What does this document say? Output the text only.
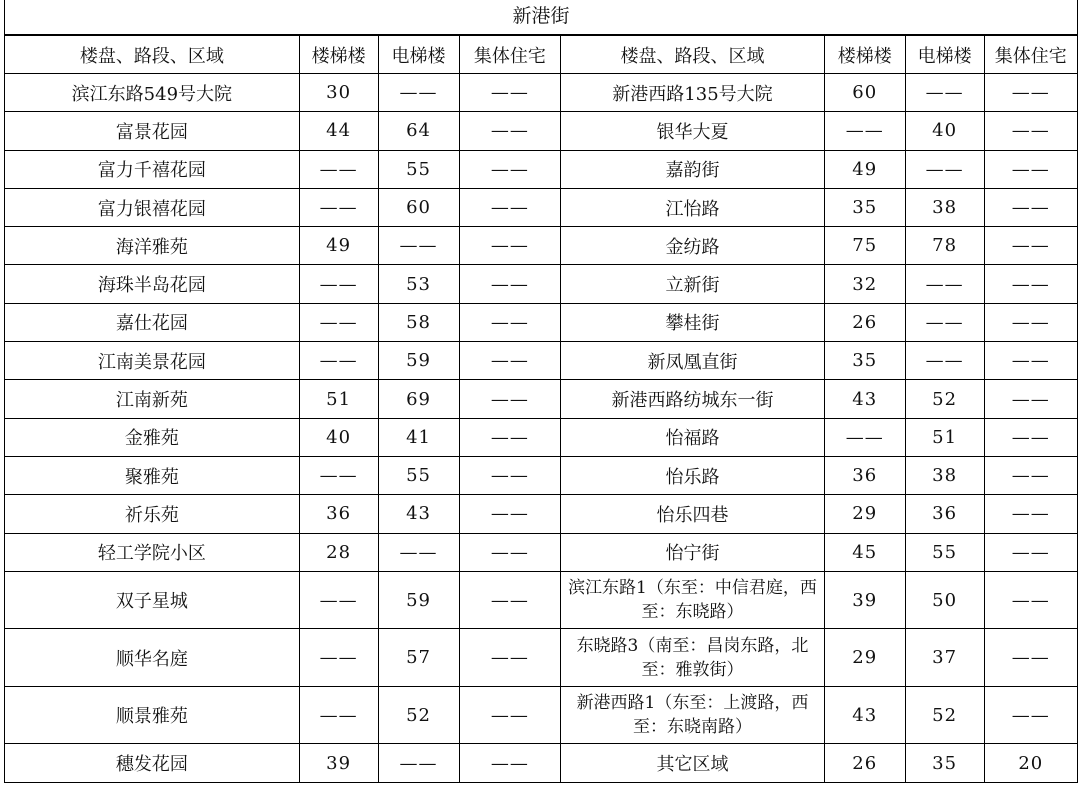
新港街
楼盘、路段、区域	楼梯楼	电梯楼	集体住宅	楼盘、路段、区域	楼梯楼	电梯楼	集体住宅
滨江东路549号大院	30	——	——	新港西路135号大院	60	——	——
富景花园	44	64	——	银华大夏	——	40	——
富力千禧花园	——	55	——	嘉韵街	49	——	——
富力银禧花园	——	60	——	江怡路	35	38	——
海洋雅苑	49	——	——	金纺路	75	78	——
海珠半岛花园	——	53	——	立新街	32	——	——
嘉仕花园	——	58	——	攀桂街	26	——	——
江南美景花园	——	59	——	新凤凰直街	35	——	——
江南新苑	51	69	——	新港西路纺城东一街	43	52	——
金雅苑	40	41	——	怡福路	——	51	——
聚雅苑	——	55	——	怡乐路	36	38	——
祈乐苑	36	43	——	怡乐四巷	29	36	——
轻工学院小区	28	——	——	怡宁街	45	55	——
双子星城	——	59	——	滨江东路1（东至：中信君庭，西至：东晓路）	39	50	——
顺华名庭	——	57	——	东晓路3（南至：昌岗东路，北至：雅敦街）	29	37	——
顺景雅苑	——	52	——	新港西路1（东至：上渡路，西至：东晓南路）	43	52	——
穗发花园	39	——	——	其它区域	26	35	20
